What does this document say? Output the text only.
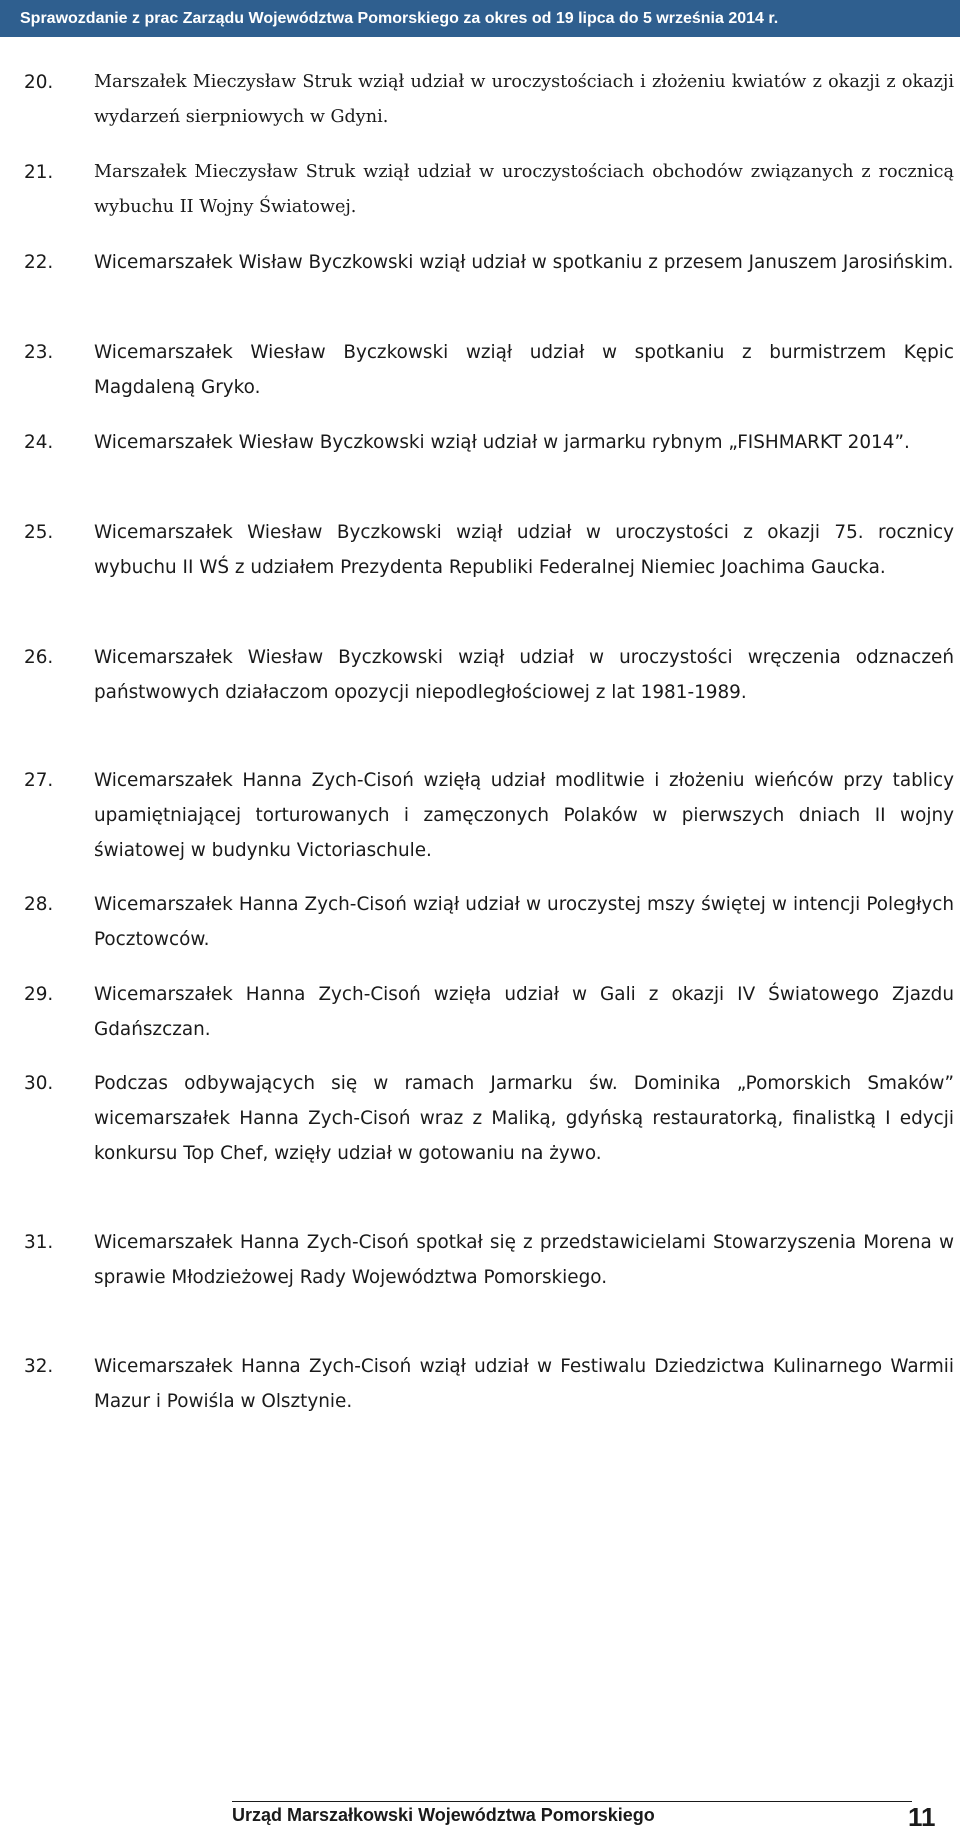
Sprawozdanie z prac Zarządu Województwa Pomorskiego za okres od 19 lipca do 5 września 2014 r.
20.	Marszałek Mieczysław Struk wziął udział w uroczystościach i złożeniu kwiatów z okazji z okazji wydarzeń sierpniowych w Gdyni.
21.	Marszałek Mieczysław Struk wziął udział w uroczystościach obchodów związanych z rocznicą wybuchu II Wojny Światowej.
22.	Wicemarszałek Wisław Byczkowski wziął udział w spotkaniu z przesem Januszem Jarosińskim.
23.	Wicemarszałek Wiesław Byczkowski wziął udział w spotkaniu z burmistrzem Kępic Magdaleną Gryko.
24.	Wicemarszałek Wiesław Byczkowski wziął udział w jarmarku rybnym „FISHMARKT 2014”.
25.	Wicemarszałek Wiesław Byczkowski wziął udział w uroczystości z okazji 75. rocznicy wybuchu II WŚ z udziałem Prezydenta Republiki Federalnej Niemiec Joachima Gaucka.
26.	Wicemarszałek Wiesław Byczkowski wziął udział w uroczystości wręczenia odznaczeń państwowych działaczom opozycji niepodległościowej z lat 1981-1989.
27.	Wicemarszałek Hanna Zych-Cisoń wzięłą udział modlitwie i złożeniu wieńców przy tablicy upamiętniającej torturowanych i zamęczonych Polaków w pierwszych dniach II wojny światowej w budynku Victoriaschule.
28.	Wicemarszałek Hanna Zych-Cisoń wziął udział w uroczystej mszy świętej w intencji Poległych Pocztowców.
29.	Wicemarszałek Hanna Zych-Cisoń wzięła udział w Gali z okazji IV Światowego Zjazdu Gdańszczan.
30.	Podczas odbywających się w ramach Jarmarku św. Dominika „Pomorskich Smaków” wicemarszałek Hanna Zych-Cisoń wraz z Maliką, gdyńską restauratorką, finalistką I edycji konkursu Top Chef, wzięły udział w gotowaniu na żywo.
31.	Wicemarszałek Hanna Zych-Cisoń spotkał się z przedstawicielami Stowarzyszenia Morena w sprawie Młodzieżowej Rady Województwa Pomorskiego.
32.	Wicemarszałek Hanna Zych-Cisoń wziął udział w Festiwalu Dziedzictwa Kulinarnego Warmii Mazur i Powiśla w Olsztynie.
Urząd Marszałkowski Województwa Pomorskiego	11
